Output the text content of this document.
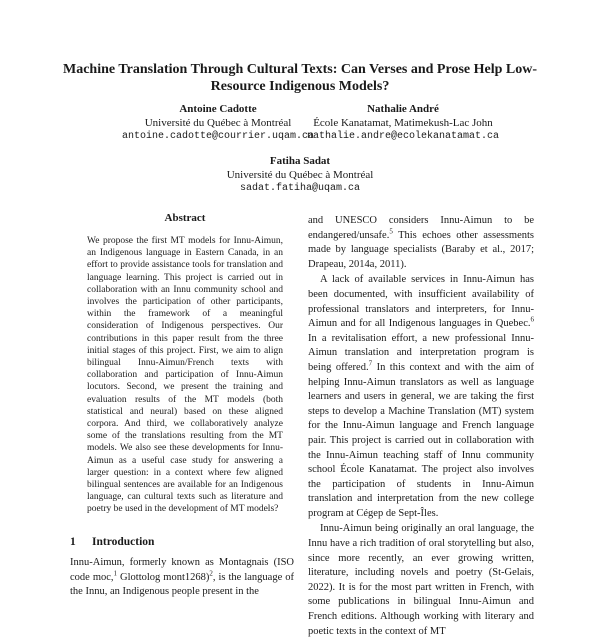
Machine Translation Through Cultural Texts: Can Verses and Prose Help Low-Resource Indigenous Models?
Antoine Cadotte
Université du Québec à Montréal
antoine.cadotte@courrier.uqam.ca
Nathalie André
École Kanatamat, Matimekush-Lac John
nathalie.andre@ecolekanatamat.ca
Fatiha Sadat
Université du Québec à Montréal
sadat.fatiha@uqam.ca
Abstract

We propose the first MT models for Innu-Aimun, an Indigenous language in Eastern Canada, in an effort to provide assistance tools for translation and language learning. This project is carried out in collaboration with an Innu community school and involves the participation of other participants, within the framework of a meaningful consideration of Indigenous perspectives. Our contributions in this paper result from the three initial stages of this project. First, we aim to align bilingual Innu-Aimun/French texts with collaboration and participation of Innu-Aimun locutors. Second, we present the training and evaluation results of the MT models (both statistical and neural) based on these aligned corpora. And third, we collaboratively analyze some of the translations resulting from the MT models. We also see these developments for Innu-Aimun as a useful case study for answering a larger question: in a context where few aligned bilingual sentences are available for an Indigenous language, can cultural texts such as literature and poetry be used in the development of MT models?

1 Introduction

Innu-Aimun, formerly known as Montagnais (ISO code moc,$^1$ Glottolog mont1268)$^2$, is the language of the Innu, an Indigenous people present in the

and UNESCO considers Innu-Aimun to be endangered/unsafe.$^5$ This echoes other assessments made by language specialists (Baraby et al., 2017; Drapeau, 2014a, 2011).

A lack of available services in Innu-Aimun has been documented, with insufficient availability of professional translators and interpreters, for Innu-Aimun and for all Indigenous languages in Quebec.$^6$ In a revitalisation effort, a new professional Innu-Aimun translation and interpretation program is being offered.$^7$ In this context and with the aim of helping Innu-Aimun translators as well as language learners and users in general, we are taking the first steps to develop a Machine Translation (MT) system for the Innu-Aimun language and French language pair. This project is carried out in collaboration with the Innu-Aimun teaching staff of Innu community school École Kanatamat. The project also involves the participation of students in Innu-Aimun translation and interpretation from the new college program at Cégep de Sept-Îles.

Innu-Aimun being originally an oral language, the Innu have a rich tradition of oral storytelling but also, since more recently, an ever growing written, literature, including novels and poetry (St-Gelais, 2022). It is for the most part written in French, with some publications in bilingual Innu-Aimun and French editions. Although working with literary and poetic texts in the context of MT
